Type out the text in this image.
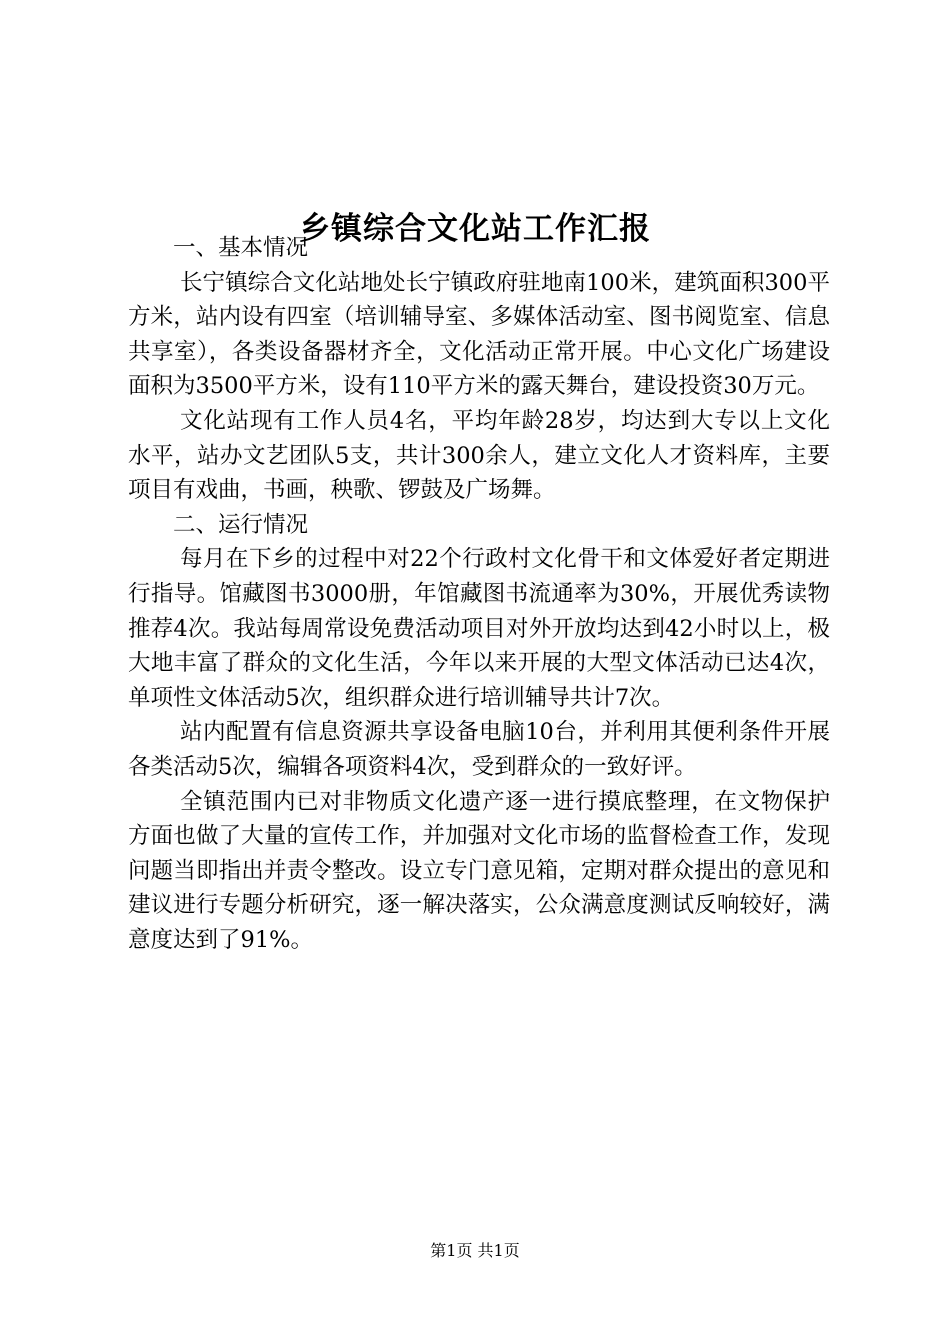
乡镇综合文化站工作汇报

一、基本情况

长宁镇综合文化站地处长宁镇政府驻地南100米，建筑面积300平方米，站内设有四室（培训辅导室、多媒体活动室、图书阅览室、信息共享室），各类设备器材齐全，文化活动正常开展。中心文化广场建设面积为3500平方米，设有110平方米的露天舞台，建设投资30万元。

文化站现有工作人员4名，平均年龄28岁，均达到大专以上文化水平，站办文艺团队5支，共计300余人，建立文化人才资料库，主要项目有戏曲，书画，秧歌、锣鼓及广场舞。

二、运行情况

每月在下乡的过程中对22个行政村文化骨干和文体爱好者定期进行指导。馆藏图书3000册，年馆藏图书流通率为30%，开展优秀读物推荐4次。我站每周常设免费活动项目对外开放均达到42小时以上，极大地丰富了群众的文化生活，今年以来开展的大型文体活动已达4次，单项性文体活动5次，组织群众进行培训辅导共计7次。

站内配置有信息资源共享设备电脑10台，并利用其便利条件开展各类活动5次，编辑各项资料4次，受到群众的一致好评。

全镇范围内已对非物质文化遗产逐一进行摸底整理，在文物保护方面也做了大量的宣传工作，并加强对文化市场的监督检查工作，发现问题当即指出并责令整改。设立专门意见箱，定期对群众提出的意见和建议进行专题分析研究，逐一解决落实，公众满意度测试反响较好，满意度达到了91%。

第1页 共1页
